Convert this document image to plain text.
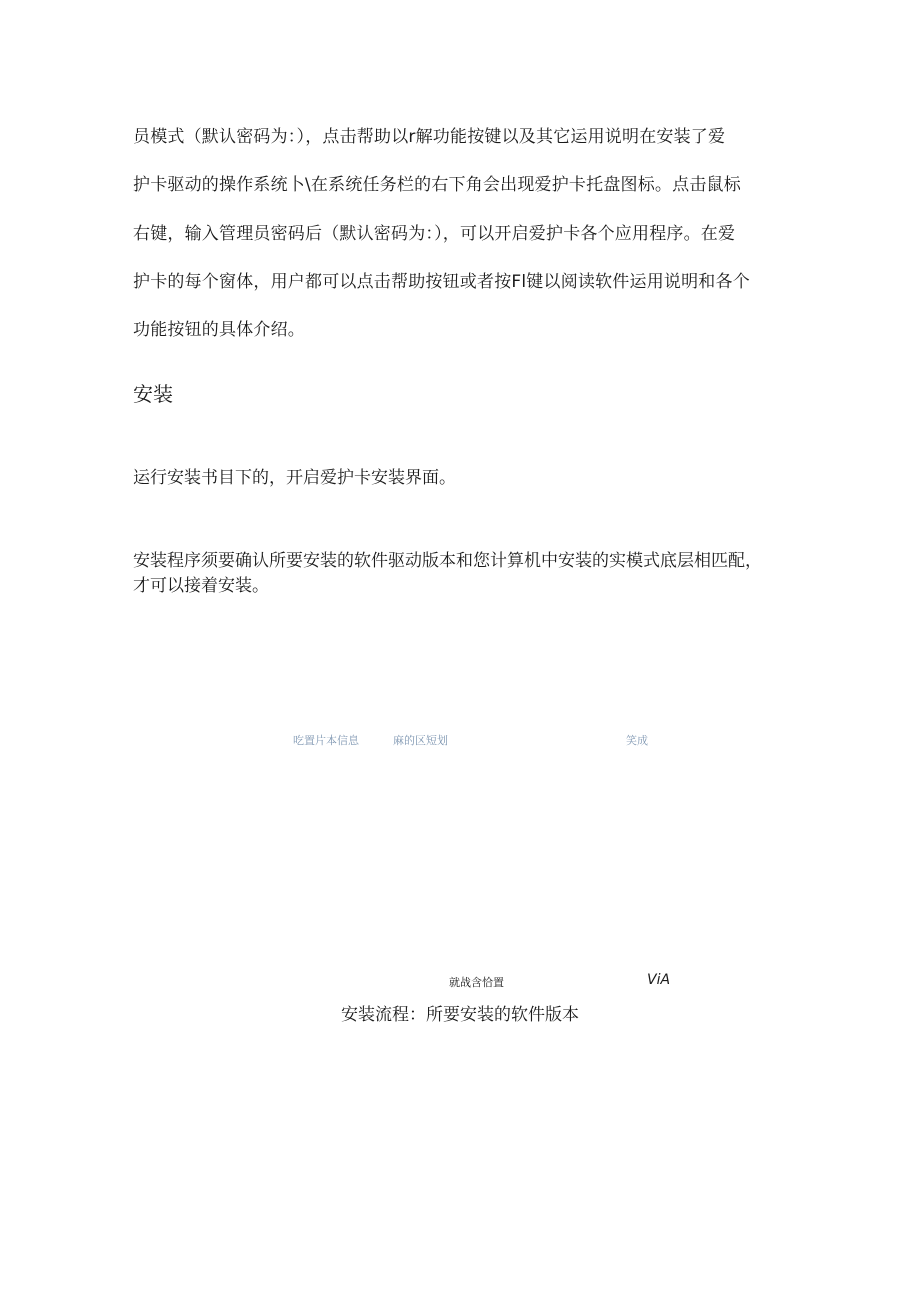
员模式（默认密码为：），点击帮助以r解功能按键以及其它运用说明在安装了爱
护卡驱动的操作系统卜\在系统任务栏的右下角会出现爱护卡托盘图标。点击鼠标
右键，输入管理员密码后（默认密码为：），可以开启爱护卡各个应用程序。在爱
护卡的每个窗体，用户都可以点击帮助按钮或者按Fl键以阅读软件运用说明和各个
功能按钮的具体介绍。
安装
运行安装书目下的，开启爱护卡安装界面。
安装程序须要确认所要安装的软件驱动版本和您计算机中安装的实模式底层相匹配，
才可以接着安装。
吃置片本信息	麻的区短划	笑成
就战含恰置	ViA
安装流程：所要安装的软件版本
